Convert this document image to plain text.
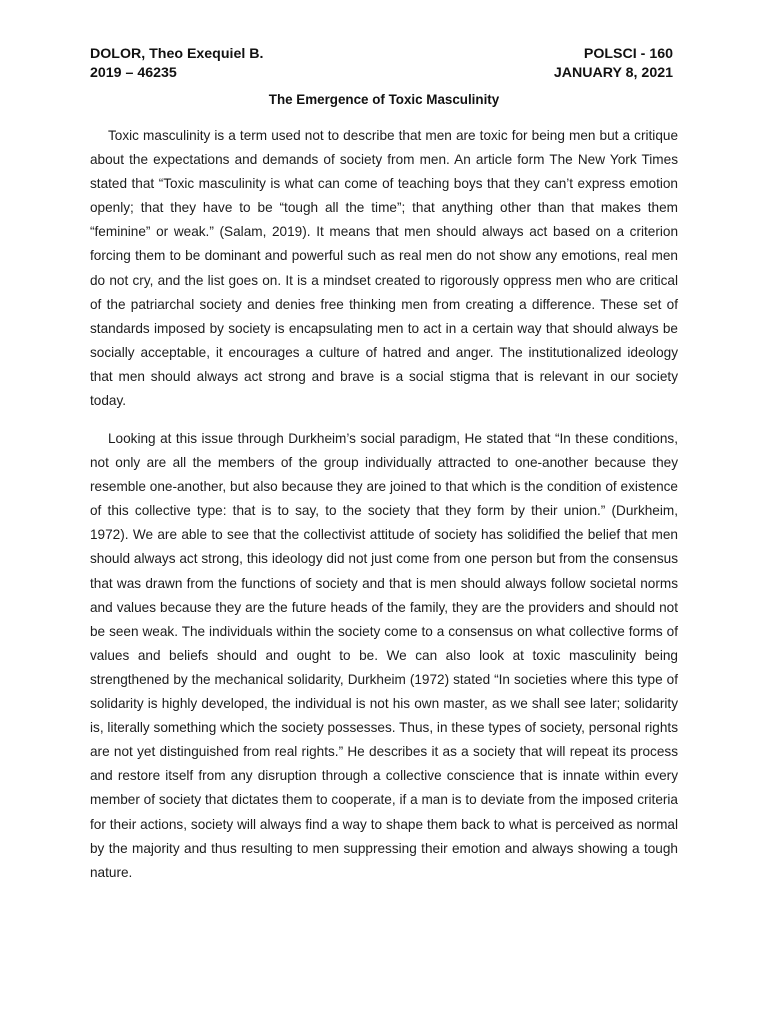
DOLOR, Theo Exequiel B.	POLSCI - 160
2019 – 46235	JANUARY 8, 2021
The Emergence of Toxic Masculinity

Toxic masculinity is a term used not to describe that men are toxic for being men but a critique about the expectations and demands of society from men. An article form The New York Times stated that “Toxic masculinity is what can come of teaching boys that they can’t express emotion openly; that they have to be “tough all the time”; that anything other than that makes them “feminine” or weak.” (Salam, 2019). It means that men should always act based on a criterion forcing them to be dominant and powerful such as real men do not show any emotions, real men do not cry, and the list goes on. It is a mindset created to rigorously oppress men who are critical of the patriarchal society and denies free thinking men from creating a difference. These set of standards imposed by society is encapsulating men to act in a certain way that should always be socially acceptable, it encourages a culture of hatred and anger. The institutionalized ideology that men should always act strong and brave is a social stigma that is relevant in our society today.

Looking at this issue through Durkheim’s social paradigm, He stated that “In these conditions, not only are all the members of the group individually attracted to one-another because they resemble one-another, but also because they are joined to that which is the condition of existence of this collective type: that is to say, to the society that they form by their union.” (Durkheim, 1972). We are able to see that the collectivist attitude of society has solidified the belief that men should always act strong, this ideology did not just come from one person but from the consensus that was drawn from the functions of society and that is men should always follow societal norms and values because they are the future heads of the family, they are the providers and should not be seen weak. The individuals within the society come to a consensus on what collective forms of values and beliefs should and ought to be. We can also look at toxic masculinity being strengthened by the mechanical solidarity, Durkheim (1972) stated “In societies where this type of solidarity is highly developed, the individual is not his own master, as we shall see later; solidarity is, literally something which the society possesses. Thus, in these types of society, personal rights are not yet distinguished from real rights.” He describes it as a society that will repeat its process and restore itself from any disruption through a collective conscience that is innate within every member of society that dictates them to cooperate, if a man is to deviate from the imposed criteria for their actions, society will always find a way to shape them back to what is perceived as normal by the majority and thus resulting to men suppressing their emotion and always showing a tough nature.
